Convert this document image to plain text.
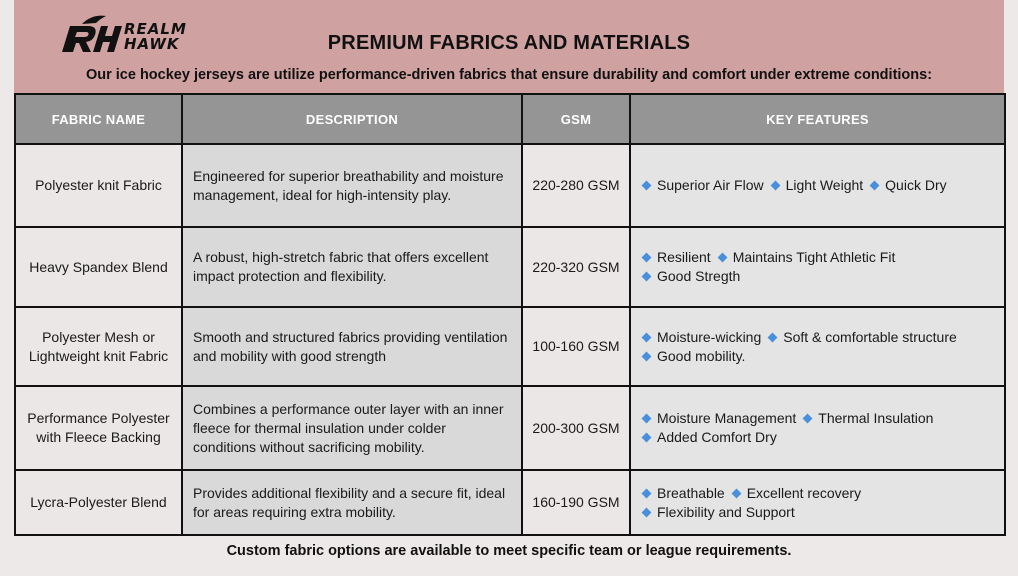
REALM
HAWK	PREMIUM FABRICS AND MATERIALS
Our ice hockey jerseys are utilize performance-driven fabrics that ensure durability and comfort under extreme conditions:
FABRIC NAME	DESCRIPTION	GSM	KEY FEATURES
Polyester knit Fabric	Engineered for superior breathability and moisture management, ideal for high-intensity play.	220-280 GSM	Superior Air Flow Light Weight Quick Dry

Heavy Spandex Blend	A robust, high-stretch fabric that offers excellent impact protection and flexibility.	220-320 GSM	Resilient Maintains Tight Athletic Fit
Good Stregth

Polyester Mesh or Lightweight knit Fabric	Smooth and structured fabrics providing ventilation and mobility with good strength	100-160 GSM	Moisture-wicking Soft & comfortable structure
Good mobility.

Performance Polyester with Fleece Backing	Combines a performance outer layer with an inner fleece for thermal insulation under colder conditions without sacrificing mobility.	200-300 GSM	Moisture Management Thermal Insulation
Added Comfort Dry

Lycra-Polyester Blend	Provides additional flexibility and a secure fit, ideal for areas requiring extra mobility.	160-190 GSM	Breathable Excellent recovery
Flexibility and Support
Custom fabric options are available to meet specific team or league requirements.
